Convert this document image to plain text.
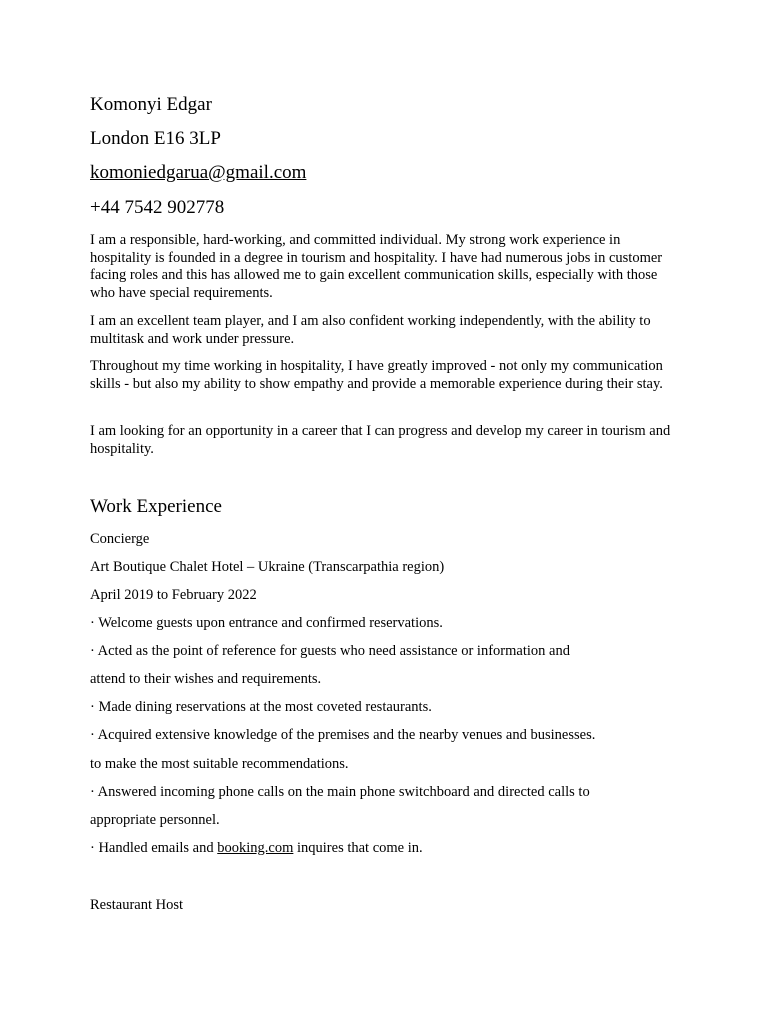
Komonyi Edgar
London E16 3LP
komoniedgarua@gmail.com
+44 7542 902778
I am a responsible, hard-working, and committed individual. My strong work experience in hospitality is founded in a degree in tourism and hospitality. I have had numerous jobs in customer facing roles and this has allowed me to gain excellent communication skills, especially with those who have special requirements.
I am an excellent team player, and I am also confident working independently, with the ability to multitask and work under pressure.
Throughout my time working in hospitality, I have greatly improved - not only my communication skills - but also my ability to show empathy and provide a memorable experience during their stay.
I am looking for an opportunity in a career that I can progress and develop my career in tourism and hospitality.
Work Experience
Concierge
Art Boutique Chalet Hotel – Ukraine (Transcarpathia region)
April 2019 to February 2022
· Welcome guests upon entrance and confirmed reservations.
· Acted as the point of reference for guests who need assistance or information and
attend to their wishes and requirements.
· Made dining reservations at the most coveted restaurants.
· Acquired extensive knowledge of the premises and the nearby venues and businesses.
to make the most suitable recommendations.
· Answered incoming phone calls on the main phone switchboard and directed calls to
appropriate personnel.
· Handled emails and booking.com inquires that come in.
Restaurant Host
